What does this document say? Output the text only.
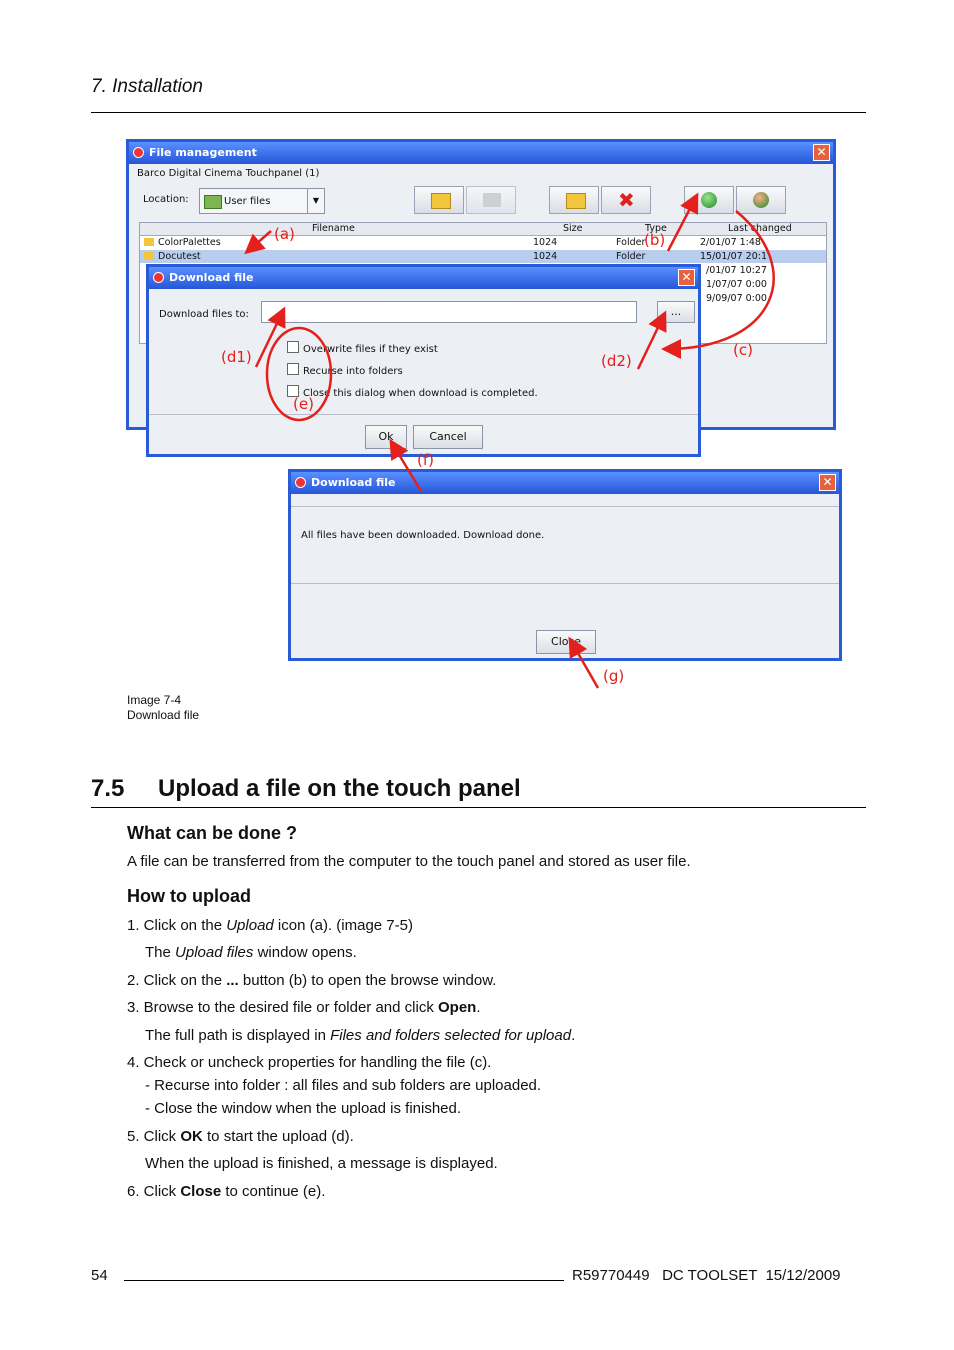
7. Installation
File management	✕
Barco Digital Cinema Touchpanel (1)
Location:	User files	▼	✖
Filename	Size	Type	Last changed
ColorPalettes	1024	Folder	2/01/07 1:48
Docutest	1024	Folder	15/01/07 20:1
/01/07 10:27
1/07/07 0:00
9/09/07 0:00
Download file	✕
Download files to:	...
Overwrite files if they exist
Recurse into folders
Close this dialog when download is completed.
Ok	Cancel
Download file	✕
All files have been downloaded. Download done.
Close
(a)	(b)
(c)
(d1)	(d2)
(e)
(f)
(g)
Image 7-4
Download file
7.5 Upload a file on the touch panel
What can be done ?
A file can be transferred from the computer to the touch panel and stored as user file.
How to upload
1. Click on the Upload icon (a). (image 7-5)
The Upload files window opens.
2. Click on the ... button (b) to open the browse window.
3. Browse to the desired file or folder and click Open.
The full path is displayed in Files and folders selected for upload.
4. Check or uncheck properties for handling the file (c).
- Recurse into folder : all files and sub folders are uploaded.
- Close the window when the upload is finished.
5. Click OK to start the upload (d).
When the upload is finished, a message is displayed.
6. Click Close to continue (e).
54	R59770449   DC TOOLSET  15/12/2009
